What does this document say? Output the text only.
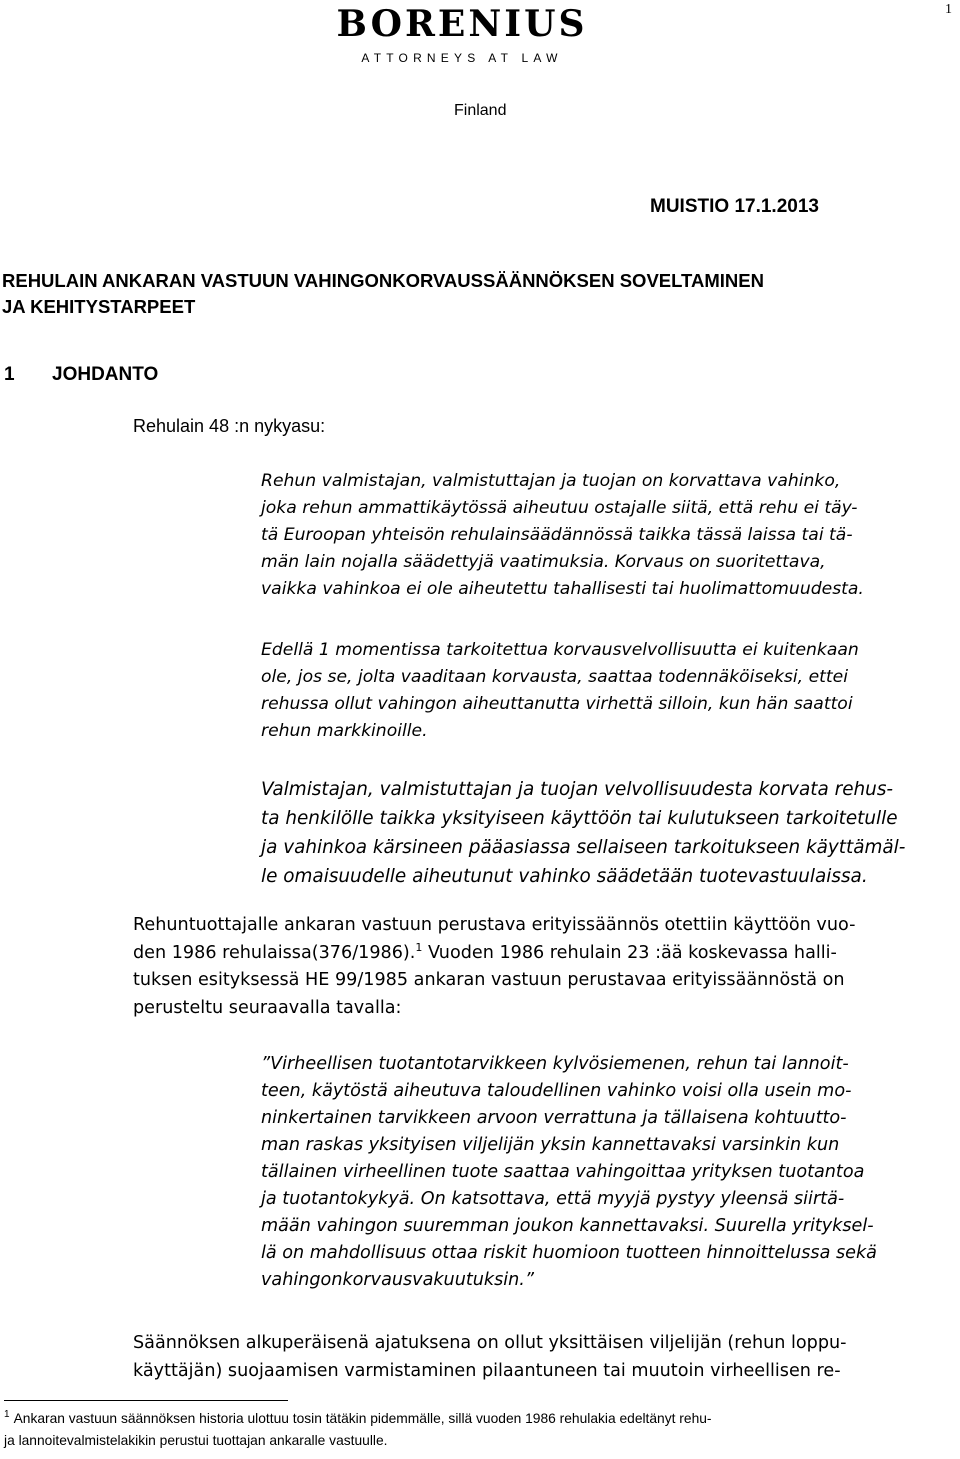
1
BORENIUS
ATTORNEYS AT LAW
Finland
MUISTIO 17.1.2013
REHULAIN ANKARAN VASTUUN VAHINGONKORVAUSSÄÄNNÖKSEN SOVELTAMINEN
JA KEHITYSTARPEET
1 JOHDANTO
Rehulain 48 :n nykyasu:
Rehun valmistajan, valmistuttajan ja tuojan on korvattava vahinko,
joka rehun ammattikäytössä aiheutuu ostajalle siitä, että rehu ei täy-
tä Euroopan yhteisön rehulainsäädännössä taikka tässä laissa tai tä-
män lain nojalla säädettyjä vaatimuksia. Korvaus on suoritettava,
vaikka vahinkoa ei ole aiheutettu tahallisesti tai huolimattomuudesta.
Edellä 1 momentissa tarkoitettua korvausvelvollisuutta ei kuitenkaan
ole, jos se, jolta vaaditaan korvausta, saattaa todennäköiseksi, ettei
rehussa ollut vahingon aiheuttanutta virhettä silloin, kun hän saattoi
rehun markkinoille.
Valmistajan, valmistuttajan ja tuojan velvollisuudesta korvata rehus-
ta henkilölle taikka yksityiseen käyttöön tai kulutukseen tarkoitetulle
ja vahinkoa kärsineen pääasiassa sellaiseen tarkoitukseen käyttämäl-
le omaisuudelle aiheutunut vahinko säädetään tuotevastuulaissa.
Rehuntuottajalle ankaran vastuun perustava erityissäännös otettiin käyttöön vuo-
den 1986 rehulaissa(376/1986).$^1$ Vuoden 1986 rehulain 23 :ää koskevassa halli-
tuksen esityksessä HE 99/1985 ankaran vastuun perustavaa erityissäännöstä on
perusteltu seuraavalla tavalla:
”Virheellisen tuotantotarvikkeen kylvösiemenen, rehun tai lannoit-
teen, käytöstä aiheutuva taloudellinen vahinko voisi olla usein mo-
ninkertainen tarvikkeen arvoon verrattuna ja tällaisena kohtuutto-
man raskas yksityisen viljelijän yksin kannettavaksi varsinkin kun
tällainen virheellinen tuote saattaa vahingoittaa yrityksen tuotantoa
ja tuotantokykyä. On katsottava, että myyjä pystyy yleensä siirtä-
mään vahingon suuremman joukon kannettavaksi. Suurella yrityksel-
lä on mahdollisuus ottaa riskit huomioon tuotteen hinnoittelussa sekä
vahingonkorvausvakuutuksin.”
Säännöksen alkuperäisenä ajatuksena on ollut yksittäisen viljelijän (rehun loppu-
käyttäjän) suojaamisen varmistaminen pilaantuneen tai muutoin virheellisen re-
$^1$ Ankaran vastuun säännöksen historia ulottuu tosin tätäkin pidemmälle, sillä vuoden 1986 rehulakia edeltänyt rehu-
ja lannoitevalmistelakikin perustui tuottajan ankaralle vastuulle.
